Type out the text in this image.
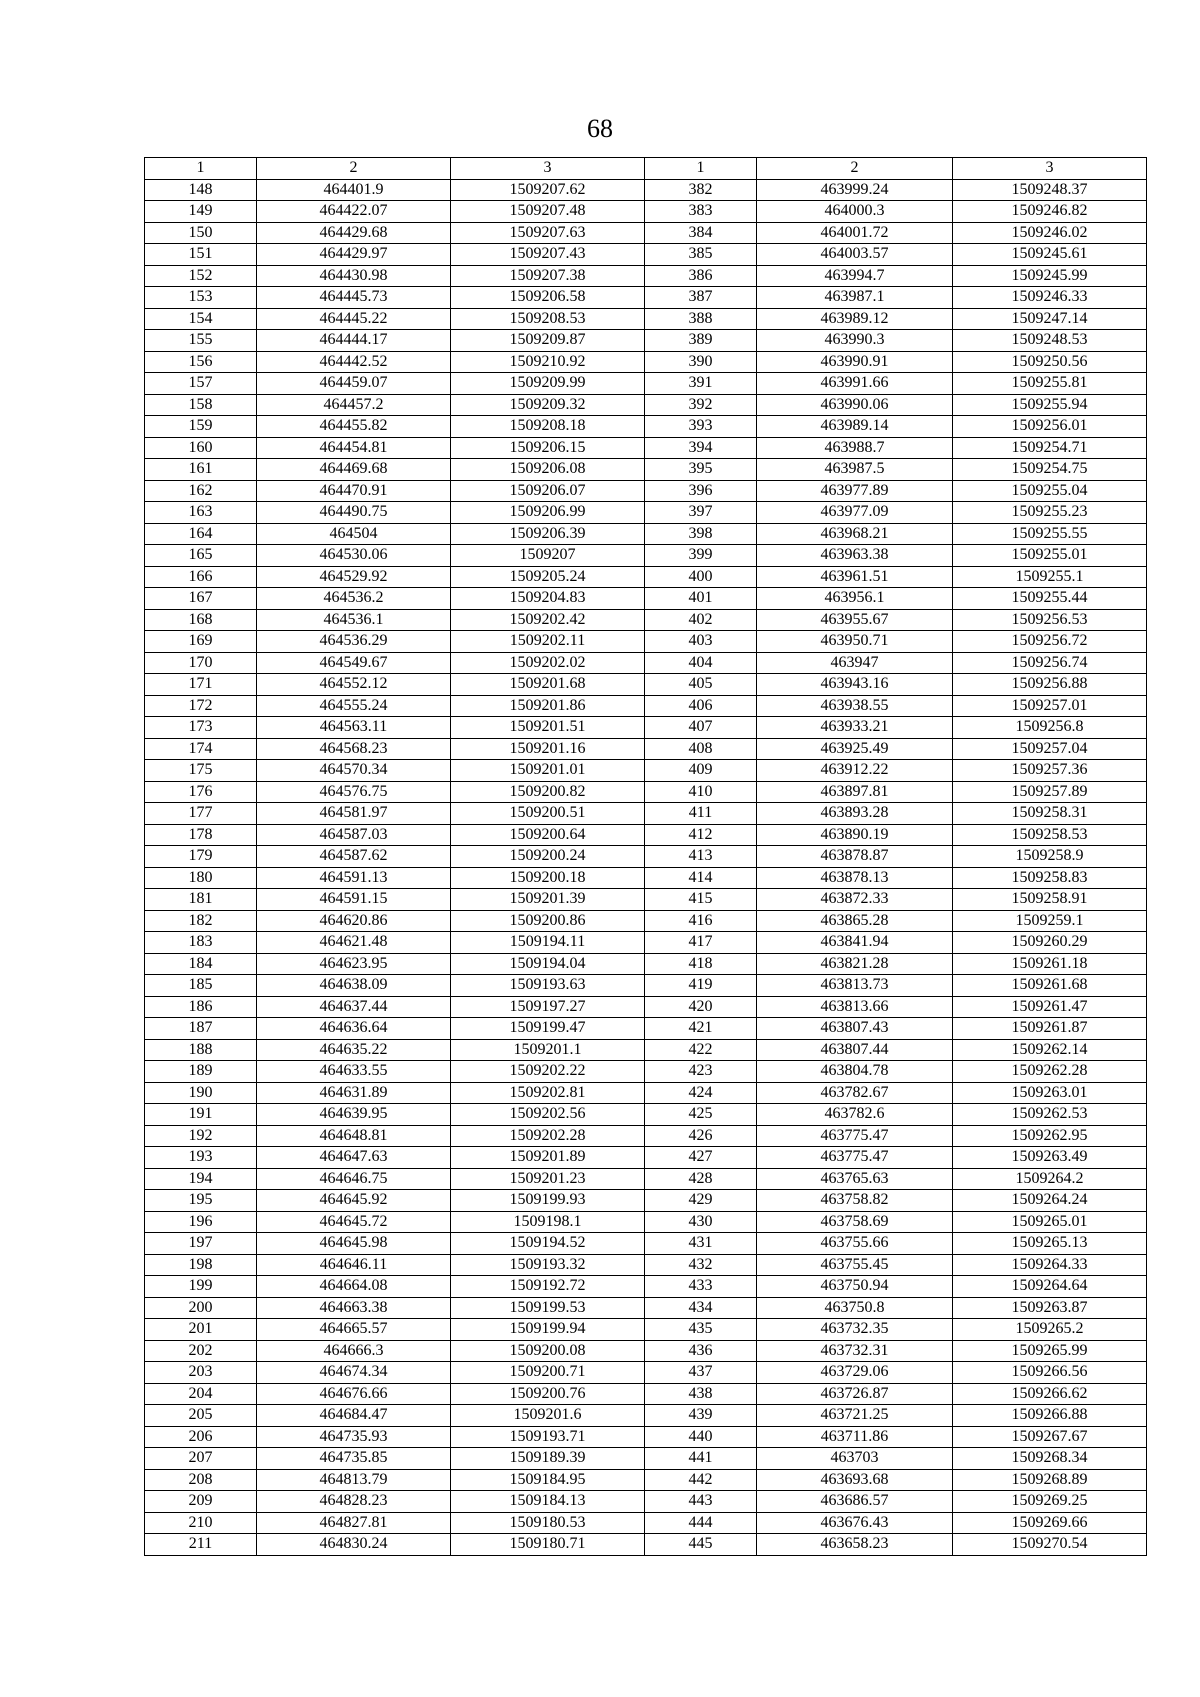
68
1	2	3	1	2	3
148	464401.9	1509207.62	382	463999.24	1509248.37
149	464422.07	1509207.48	383	464000.3	1509246.82
150	464429.68	1509207.63	384	464001.72	1509246.02
151	464429.97	1509207.43	385	464003.57	1509245.61
152	464430.98	1509207.38	386	463994.7	1509245.99
153	464445.73	1509206.58	387	463987.1	1509246.33
154	464445.22	1509208.53	388	463989.12	1509247.14
155	464444.17	1509209.87	389	463990.3	1509248.53
156	464442.52	1509210.92	390	463990.91	1509250.56
157	464459.07	1509209.99	391	463991.66	1509255.81
158	464457.2	1509209.32	392	463990.06	1509255.94
159	464455.82	1509208.18	393	463989.14	1509256.01
160	464454.81	1509206.15	394	463988.7	1509254.71
161	464469.68	1509206.08	395	463987.5	1509254.75
162	464470.91	1509206.07	396	463977.89	1509255.04
163	464490.75	1509206.99	397	463977.09	1509255.23
164	464504	1509206.39	398	463968.21	1509255.55
165	464530.06	1509207	399	463963.38	1509255.01
166	464529.92	1509205.24	400	463961.51	1509255.1
167	464536.2	1509204.83	401	463956.1	1509255.44
168	464536.1	1509202.42	402	463955.67	1509256.53
169	464536.29	1509202.11	403	463950.71	1509256.72
170	464549.67	1509202.02	404	463947	1509256.74
171	464552.12	1509201.68	405	463943.16	1509256.88
172	464555.24	1509201.86	406	463938.55	1509257.01
173	464563.11	1509201.51	407	463933.21	1509256.8
174	464568.23	1509201.16	408	463925.49	1509257.04
175	464570.34	1509201.01	409	463912.22	1509257.36
176	464576.75	1509200.82	410	463897.81	1509257.89
177	464581.97	1509200.51	411	463893.28	1509258.31
178	464587.03	1509200.64	412	463890.19	1509258.53
179	464587.62	1509200.24	413	463878.87	1509258.9
180	464591.13	1509200.18	414	463878.13	1509258.83
181	464591.15	1509201.39	415	463872.33	1509258.91
182	464620.86	1509200.86	416	463865.28	1509259.1
183	464621.48	1509194.11	417	463841.94	1509260.29
184	464623.95	1509194.04	418	463821.28	1509261.18
185	464638.09	1509193.63	419	463813.73	1509261.68
186	464637.44	1509197.27	420	463813.66	1509261.47
187	464636.64	1509199.47	421	463807.43	1509261.87
188	464635.22	1509201.1	422	463807.44	1509262.14
189	464633.55	1509202.22	423	463804.78	1509262.28
190	464631.89	1509202.81	424	463782.67	1509263.01
191	464639.95	1509202.56	425	463782.6	1509262.53
192	464648.81	1509202.28	426	463775.47	1509262.95
193	464647.63	1509201.89	427	463775.47	1509263.49
194	464646.75	1509201.23	428	463765.63	1509264.2
195	464645.92	1509199.93	429	463758.82	1509264.24
196	464645.72	1509198.1	430	463758.69	1509265.01
197	464645.98	1509194.52	431	463755.66	1509265.13
198	464646.11	1509193.32	432	463755.45	1509264.33
199	464664.08	1509192.72	433	463750.94	1509264.64
200	464663.38	1509199.53	434	463750.8	1509263.87
201	464665.57	1509199.94	435	463732.35	1509265.2
202	464666.3	1509200.08	436	463732.31	1509265.99
203	464674.34	1509200.71	437	463729.06	1509266.56
204	464676.66	1509200.76	438	463726.87	1509266.62
205	464684.47	1509201.6	439	463721.25	1509266.88
206	464735.93	1509193.71	440	463711.86	1509267.67
207	464735.85	1509189.39	441	463703	1509268.34
208	464813.79	1509184.95	442	463693.68	1509268.89
209	464828.23	1509184.13	443	463686.57	1509269.25
210	464827.81	1509180.53	444	463676.43	1509269.66
211	464830.24	1509180.71	445	463658.23	1509270.54
